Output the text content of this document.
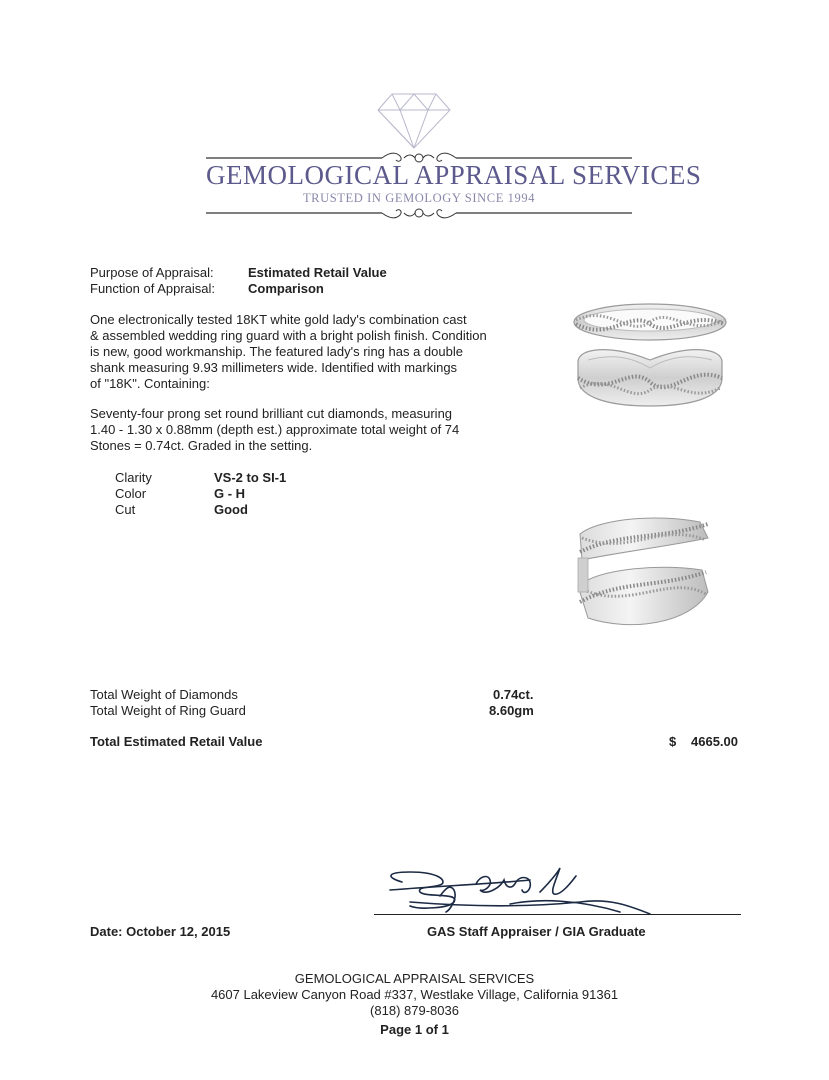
GEMOLOGICAL APPRAISAL SERVICES
TRUSTED IN GEMOLOGY SINCE 1994
Purpose of Appraisal:	Estimated Retail Value
Function of Appraisal:	Comparison
One electronically tested 18KT white gold lady's combination cast
& assembled wedding ring guard with a bright polish finish. Condition
is new, good workmanship. The featured lady's ring has a double
shank measuring 9.93 millimeters wide. Identified with markings
of "18K". Containing:
Seventy-four prong set round brilliant cut diamonds, measuring
1.40 - 1.30 x 0.88mm (depth est.) approximate total weight of 74
Stones = 0.74ct. Graded in the setting.
Clarity	VS-2 to SI-1
Color	G - H
Cut	Good
Total Weight of Diamonds	0.74ct.
Total Weight of Ring Guard	8.60gm
Total Estimated Retail Value	$ 4665.00
Date: October 12, 2015	GAS Staff Appraiser / GIA Graduate
GEMOLOGICAL APPRAISAL SERVICES
4607 Lakeview Canyon Road #337, Westlake Village, California 91361
(818) 879-8036
Page 1 of 1
